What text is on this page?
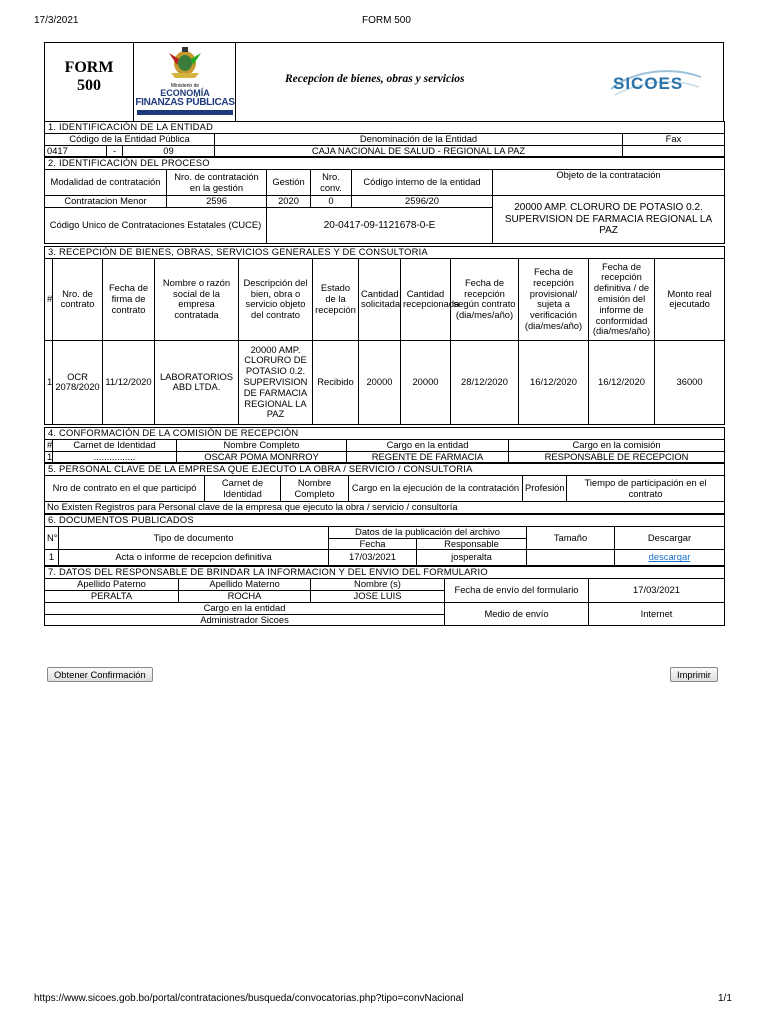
17/3/2021	FORM 500
https://www.sicoes.gob.bo/portal/contrataciones/busqueda/convocatorias.php?tipo=convNacional	1/1
FORM
500	Ministerio de
ECONOMÍA
FINANZAS PÚBLICAS
Recepcion de bienes, obras y servicios	SICOES
1. IDENTIFICACIÓN DE LA ENTIDAD				
Código de la Entidad Pública			Denominación de la Entidad	Fax
0417	-	09	CAJA NACIONAL DE SALUD - REGIONAL LA PAZ	
2. IDENTIFICACIÓN DEL PROCESO					
Modalidad de contratación	Nro. de contratación en la gestión	Gestión	Nro. conv.	Código interno de la entidad	Objeto de la contratación
Contratacion Menor	2596	2020	0	2596/20	20000 AMP. CLORURO DE POTASIO 0.2. SUPERVISION DE FARMACIA REGIONAL LA PAZ
Código Unico de Contrataciones Estatales (CUCE)		20-0417-09-1121678-0-E			
3. RECEPCIÓN DE BIENES, OBRAS, SERVICIOS GENERALES Y DE CONSULTORIA											
#	Nro. de contrato	Fecha de firma de contrato	Nombre o razón social de la empresa contratada	Descripción del bien, obra o servicio objeto del contrato	Estado de la recepción	Cantidad solicitada	Cantidad recepcionada	Fecha de recepción según contrato (dia/mes/año)	Fecha de recepción provisional/ sujeta a verificación (dia/mes/año)	Fecha de recepción definitiva / de emisión del informe de conformidad (dia/mes/año)	Monto real ejecutado
1	OCR 2078/2020	11/12/2020	LABORATORIOS ABD LTDA.	20000 AMP. CLORURO DE POTASIO 0.2. SUPERVISION DE FARMACIA REGIONAL LA PAZ	Recibido	20000	20000	28/12/2020	16/12/2020	16/12/2020	36000
4. CONFORMACIÓN DE LA COMISIÓN DE RECEPCIÓN				
#	Carnet de Identidad	Nombre Completo	Cargo en la entidad	Cargo en la comisión
1	................	OSCAR POMA MONRROY	REGENTE DE FARMACIA	RESPONSABLE DE RECEPCION
5. PERSONAL CLAVE DE LA EMPRESA QUE EJECUTO LA OBRA / SERVICIO / CONSULTORIA
Nro de contrato en el que participó	Carnet de Identidad	Nombre Completo	Cargo en la ejecución de la contratación	Profesión	Tiempo de participación en el contrato
No Existen Registros para Personal clave de la empresa que ejecuto la obra / servicio / consultoría
6. DOCUMENTOS PUBLICADOS					
N°	Tipo de documento	Datos de la publicación del archivo		Tamaño	Descargar
		Fecha	Responsable		
1	Acta o informe de recepcion definitiva	17/03/2021	josperalta		descargar
7. DATOS DEL RESPONSABLE DE BRINDAR LA INFORMACION Y DEL ENVIO DEL FORMULARIO				
Apellido Paterno	Apellido Materno	Nombre (s)	Fecha de envío del formulario	17/03/2021
PERALTA	ROCHA	JOSE LUIS		
Cargo en la entidad			Medio de envío	Internet
Administrador Sicoes				
Obtener Confirmación	Imprimir
